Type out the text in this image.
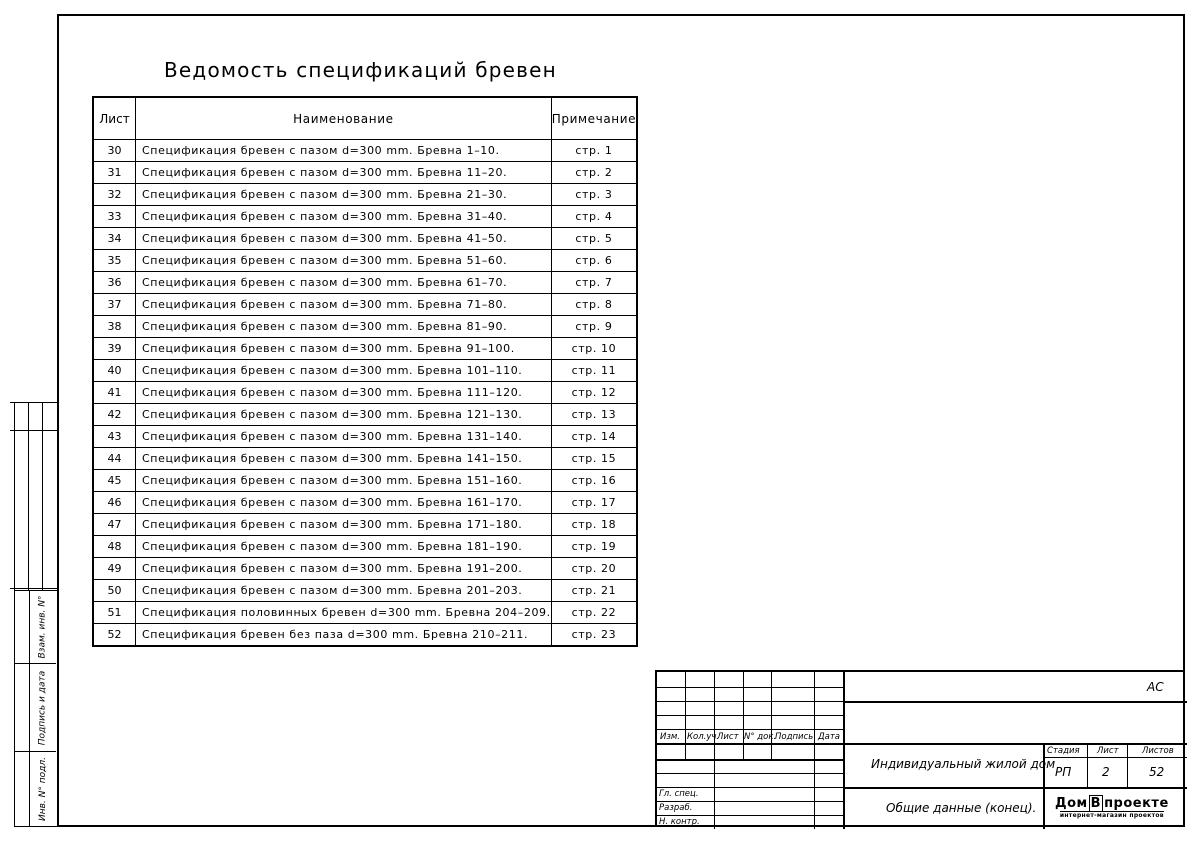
Взам. инв. N°
Подпись и дата
Инв. N° подл.
Ведомость спецификаций бревен
Лист	Наименование	Примечание
30	Спецификация бревен с пазом d=300 mm. Бревна 1–10.	стр. 1
31	Спецификация бревен с пазом d=300 mm. Бревна 11–20.	стр. 2
32	Спецификация бревен с пазом d=300 mm. Бревна 21–30.	стр. 3
33	Спецификация бревен с пазом d=300 mm. Бревна 31–40.	стр. 4
34	Спецификация бревен с пазом d=300 mm. Бревна 41–50.	стр. 5
35	Спецификация бревен с пазом d=300 mm. Бревна 51–60.	стр. 6
36	Спецификация бревен с пазом d=300 mm. Бревна 61–70.	стр. 7
37	Спецификация бревен с пазом d=300 mm. Бревна 71–80.	стр. 8
38	Спецификация бревен с пазом d=300 mm. Бревна 81–90.	стр. 9
39	Спецификация бревен с пазом d=300 mm. Бревна 91–100.	стр. 10
40	Спецификация бревен с пазом d=300 mm. Бревна 101–110.	стр. 11
41	Спецификация бревен с пазом d=300 mm. Бревна 111–120.	стр. 12
42	Спецификация бревен с пазом d=300 mm. Бревна 121–130.	стр. 13
43	Спецификация бревен с пазом d=300 mm. Бревна 131–140.	стр. 14
44	Спецификация бревен с пазом d=300 mm. Бревна 141–150.	стр. 15
45	Спецификация бревен с пазом d=300 mm. Бревна 151–160.	стр. 16
46	Спецификация бревен с пазом d=300 mm. Бревна 161–170.	стр. 17
47	Спецификация бревен с пазом d=300 mm. Бревна 171–180.	стр. 18
48	Спецификация бревен с пазом d=300 mm. Бревна 181–190.	стр. 19
49	Спецификация бревен с пазом d=300 mm. Бревна 191–200.	стр. 20
50	Спецификация бревен с пазом d=300 mm. Бревна 201–203.	стр. 21
51	Спецификация половинных бревен d=300 mm. Бревна 204–209.	стр. 22
52	Спецификация бревен без паза d=300 mm. Бревна 210–211.	стр. 23
АС
Изм. Кол.уч.
Лист N° док.
Подпись Дата
Гл. спец.
Разраб.
Н. контр.
Индивидуальный жилой дом
Общие данные (конец).
Стадия Лист	Листов
РП	2	52
Дом В проекте
интернет-магазин проектов
